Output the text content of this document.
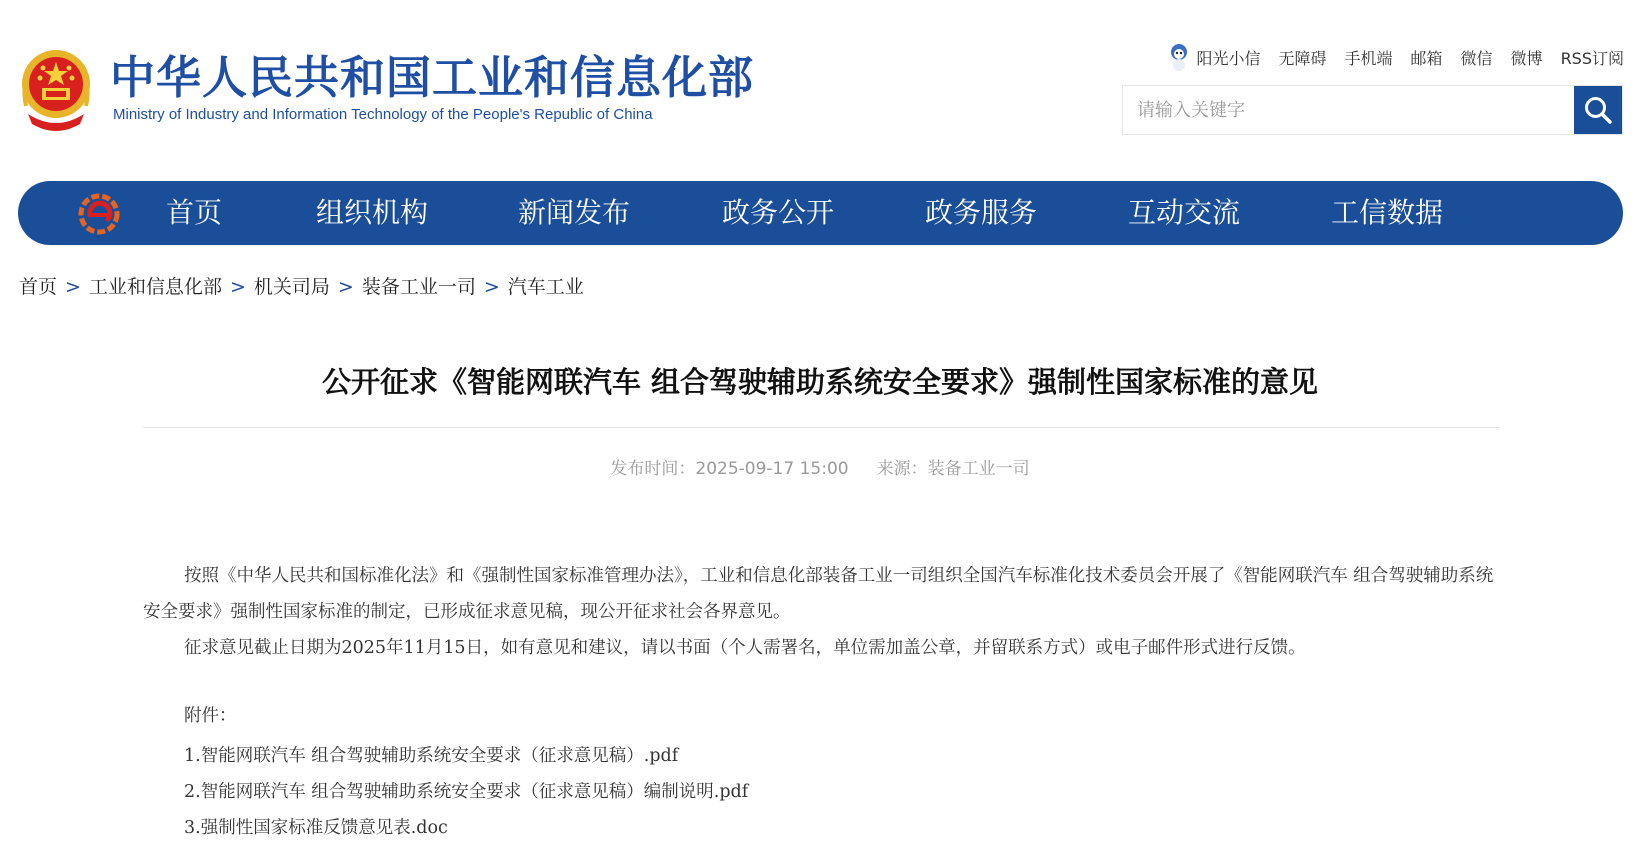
中华人民共和国工业和信息化部
Ministry of Industry and Information Technology of the People's Republic of China
阳光小信 无障碍 手机端 邮箱 微信 微博 RSS订阅
请输入关键字
首页	组织机构	新闻发布	政务公开	政务服务	互动交流	工信数据
首页 > 工业和信息化部 > 机关司局 > 装备工业一司 > 汽车工业
公开征求《智能网联汽车 组合驾驶辅助系统安全要求》强制性国家标准的意见
发布时间：2025-09-17 15:00 来源：装备工业一司

按照《中华人民共和国标准化法》和《强制性国家标准管理办法》，工业和信息化部装备工业一司组织全国汽车标准化技术委员会开展了《智能网联汽车 组合驾驶辅助系统安全要求》强制性国家标准的制定，已形成征求意见稿，现公开征求社会各界意见。

征求意见截止日期为2025年11月15日，如有意见和建议，请以书面（个人需署名，单位需加盖公章，并留联系方式）或电子邮件形式进行反馈。

附件：
1.智能网联汽车 组合驾驶辅助系统安全要求（征求意见稿）.pdf
2.智能网联汽车 组合驾驶辅助系统安全要求（征求意见稿）编制说明.pdf
3.强制性国家标准反馈意见表.doc
